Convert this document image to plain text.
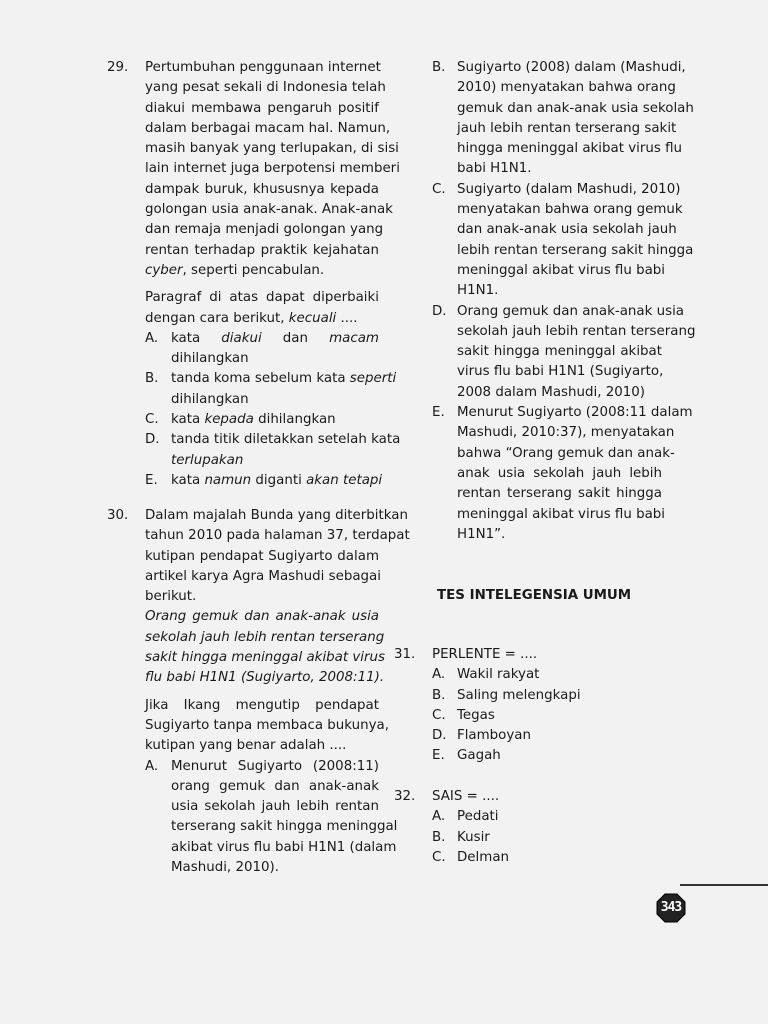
29. Pertumbuhan penggunaan internet
yang pesat sekali di Indonesia telah
diakui membawa pengaruh positif
dalam berbagai macam hal. Namun,
masih banyak yang terlupakan, di sisi
lain internet juga berpotensi memberi
dampak buruk, khususnya kepada
golongan usia anak-anak. Anak-anak
dan remaja menjadi golongan yang
rentan terhadap praktik kejahatan
cyber, seperti pencabulan.
Paragraf di atas dapat diperbaiki
dengan cara berikut, kecuali ....
A. kata diakui dan macam
dihilangkan
B. tanda koma sebelum kata seperti
dihilangkan
C. kata kepada dihilangkan
D. tanda titik diletakkan setelah kata
terlupakan
E. kata namun diganti akan tetapi
30. Dalam majalah Bunda yang diterbitkan
tahun 2010 pada halaman 37, terdapat
kutipan pendapat Sugiyarto dalam
artikel karya Agra Mashudi sebagai
berikut.
Orang gemuk dan anak-anak usia
sekolah jauh lebih rentan terserang
sakit hingga meninggal akibat virus
flu babi H1N1 (Sugiyarto, 2008:11).
Jika Ikang mengutip pendapat
Sugiyarto tanpa membaca bukunya,
kutipan yang benar adalah ....
A. Menurut Sugiyarto (2008:11)
orang gemuk dan anak-anak
usia sekolah jauh lebih rentan
terserang sakit hingga meninggal
akibat virus flu babi H1N1 (dalam
Mashudi, 2010).
B. Sugiyarto (2008) dalam (Mashudi,
2010) menyatakan bahwa orang
gemuk dan anak-anak usia sekolah
jauh lebih rentan terserang sakit
hingga meninggal akibat virus flu
babi H1N1.
C. Sugiyarto (dalam Mashudi, 2010)
menyatakan bahwa orang gemuk
dan anak-anak usia sekolah jauh
lebih rentan terserang sakit hingga
meninggal akibat virus flu babi
H1N1.
D. Orang gemuk dan anak-anak usia
sekolah jauh lebih rentan terserang
sakit hingga meninggal akibat
virus flu babi H1N1 (Sugiyarto,
2008 dalam Mashudi, 2010)
E. Menurut Sugiyarto (2008:11 dalam
Mashudi, 2010:37), menyatakan
bahwa “Orang gemuk dan anak-
anak usia sekolah jauh lebih
rentan terserang sakit hingga
meninggal akibat virus flu babi
H1N1”.
TES INTELEGENSIA UMUM
31. PERLENTE = ....
A. Wakil rakyat
B. Saling melengkapi
C. Tegas
D. Flamboyan
E. Gagah
32. SAIS = ....
A. Pedati
B. Kusir
C. Delman
343
